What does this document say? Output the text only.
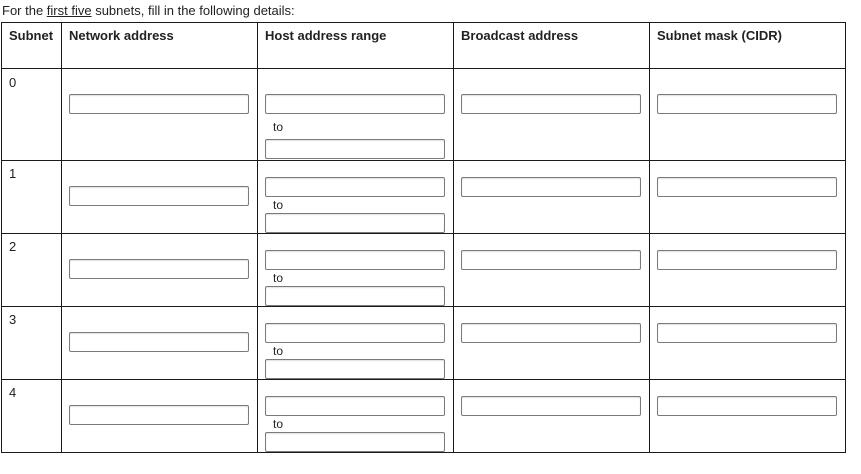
For the first five subnets, fill in the following details:
Subnet	Network address	Host address range	Broadcast address	Subnet mask (CIDR)

0		to

1		to

2		to

3		to

4		to
